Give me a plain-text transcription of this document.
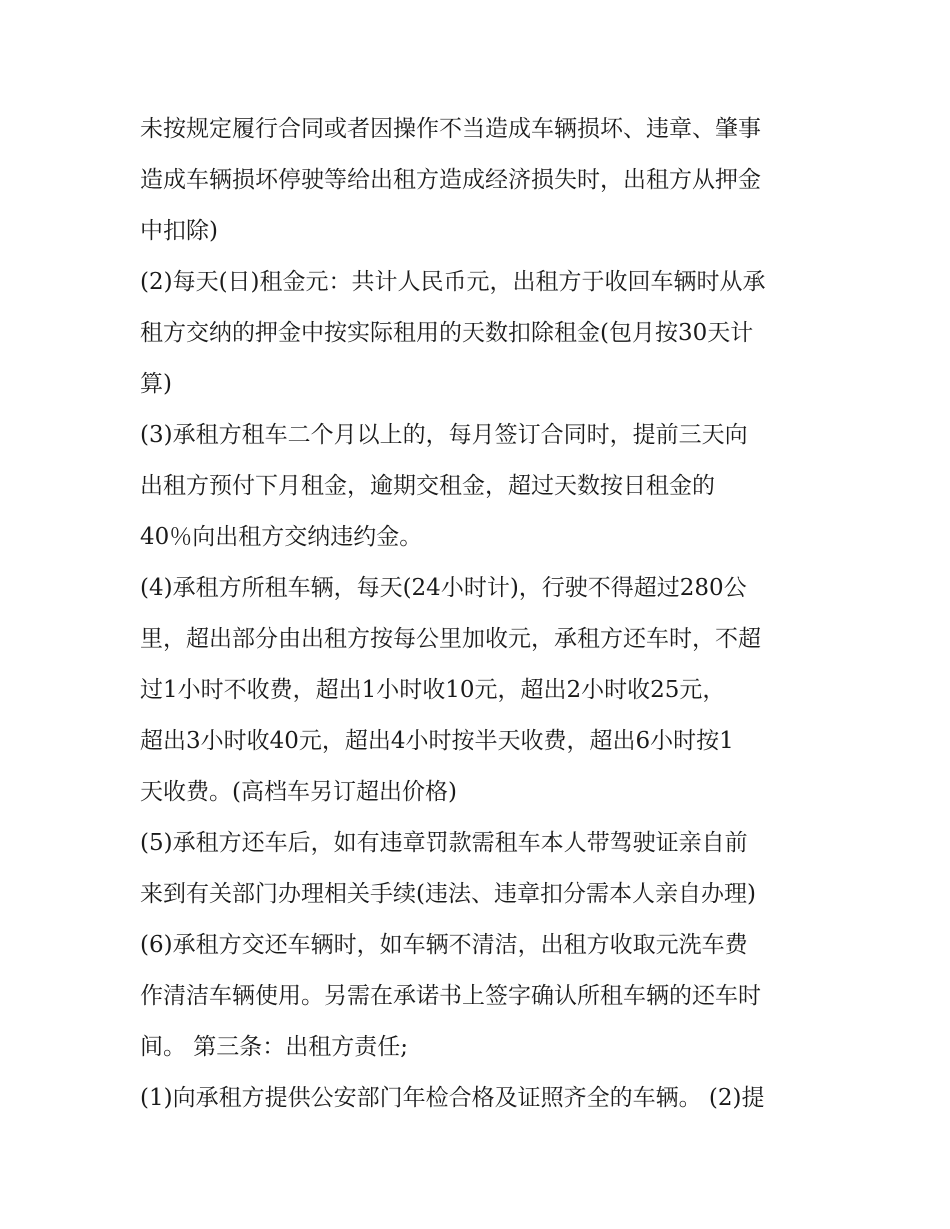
未按规定履行合同或者因操作不当造成车辆损坏、违章、肇事
造成车辆损坏停驶等给出租方造成经济损失时，出租方从押金
中扣除)
(2)每天(日)租金元：共计人民币元，出租方于收回车辆时从承
租方交纳的押金中按实际租用的天数扣除租金(包月按30天计
算)
(3)承租方租车二个月以上的，每月签订合同时，提前三天向
出租方预付下月租金，逾期交租金，超过天数按日租金的
40％向出租方交纳违约金。
(4)承租方所租车辆，每天(24小时计)，行驶不得超过280公
里，超出部分由出租方按每公里加收元，承租方还车时，不超
过1小时不收费，超出1小时收10元，超出2小时收25元，
超出3小时收40元，超出4小时按半天收费，超出6小时按1
天收费。(高档车另订超出价格)
(5)承租方还车后，如有违章罚款需租车本人带驾驶证亲自前
来到有关部门办理相关手续(违法、违章扣分需本人亲自办理)
(6)承租方交还车辆时，如车辆不清洁，出租方收取元洗车费
作清洁车辆使用。另需在承诺书上签字确认所租车辆的还车时
间。 第三条：出租方责任;
(1)向承租方提供公安部门年检合格及证照齐全的车辆。 (2)提
